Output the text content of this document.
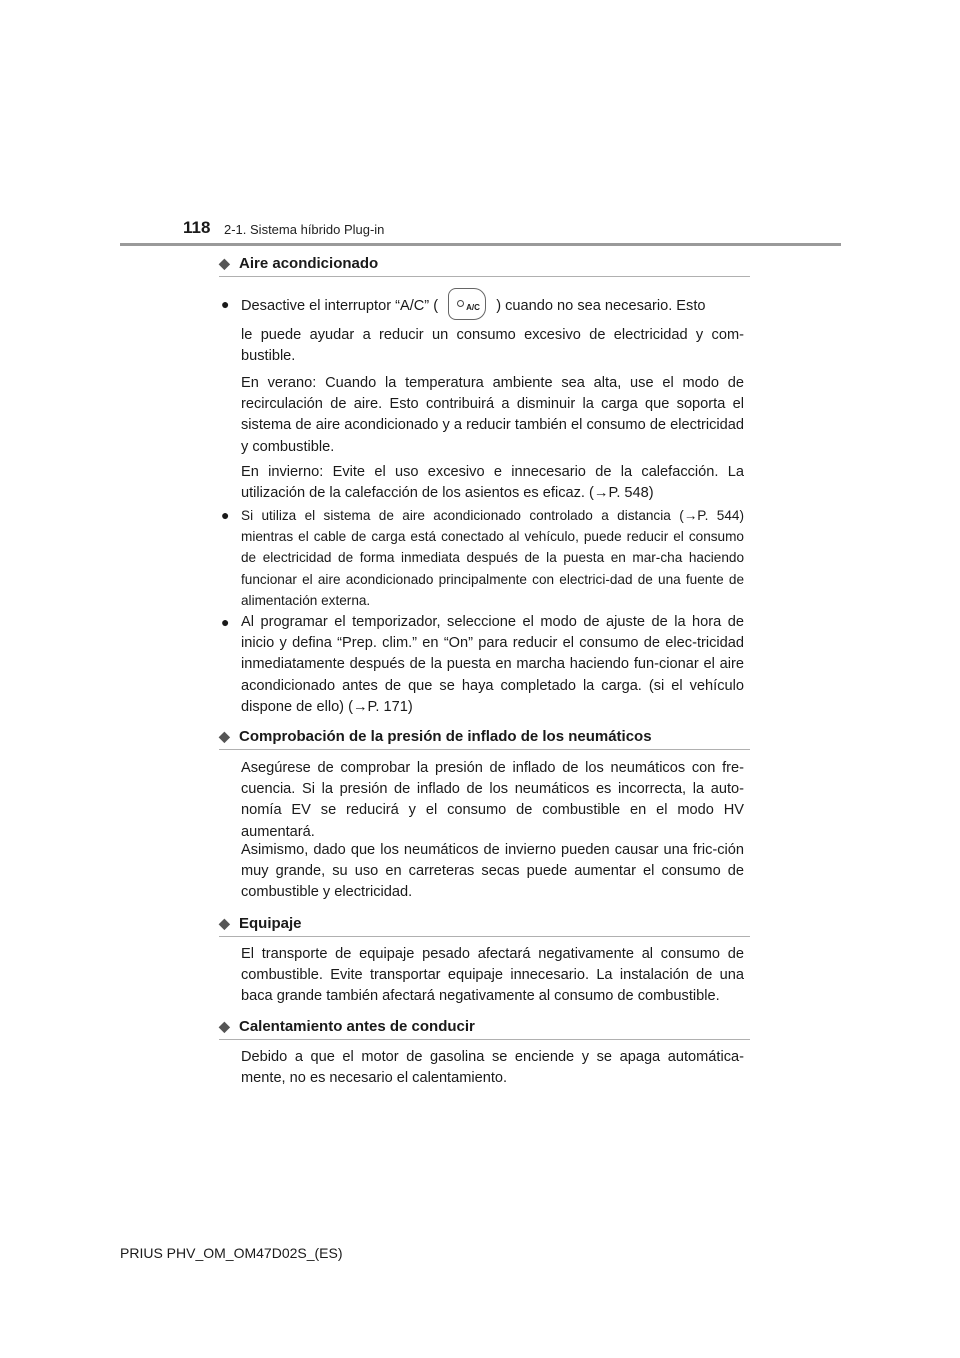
118 2-1. Sistema híbrido Plug-in
◆ Aire acondicionado
● Desactive el interruptor “A/C” (	A/C ) cuando no sea necesario. Esto

le puede ayudar a reducir un consumo excesivo de electricidad y com-bustible.

En verano: Cuando la temperatura ambiente sea alta, use el modo de recirculación de aire. Esto contribuirá a disminuir la carga que soporta el sistema de aire acondicionado y a reducir también el consumo de electricidad y combustible.

En invierno: Evite el uso excesivo e innecesario de la calefacción. La utilización de la calefacción de los asientos es eficaz. (→P. 548)

● Si utiliza el sistema de aire acondicionado controlado a distancia (→P. 544) mientras el cable de carga está conectado al vehículo, puede reducir el consumo de electricidad de forma inmediata después de la puesta en mar-cha haciendo funcionar el aire acondicionado principalmente con electrici-dad de una fuente de alimentación externa.

● Al programar el temporizador, seleccione el modo de ajuste de la hora de inicio y defina “Prep. clim.” en “On” para reducir el consumo de elec-tricidad inmediatamente después de la puesta en marcha haciendo fun-cionar el aire acondicionado antes de que se haya completado la carga. (si el vehículo dispone de ello) (→P. 171)

◆ Comprobación de la presión de inflado de los neumáticos

Asegúrese de comprobar la presión de inflado de los neumáticos con fre-cuencia. Si la presión de inflado de los neumáticos es incorrecta, la auto-nomía EV se reducirá y el consumo de combustible en el modo HV aumentará.

Asimismo, dado que los neumáticos de invierno pueden causar una fric-ción muy grande, su uso en carreteras secas puede aumentar el consumo de combustible y electricidad.

◆ Equipaje

El transporte de equipaje pesado afectará negativamente al consumo de combustible. Evite transportar equipaje innecesario. La instalación de una baca grande también afectará negativamente al consumo de combustible.

◆ Calentamiento antes de conducir

Debido a que el motor de gasolina se enciende y se apaga automática-mente, no es necesario el calentamiento.

PRIUS PHV_OM_OM47D02S_(ES)
